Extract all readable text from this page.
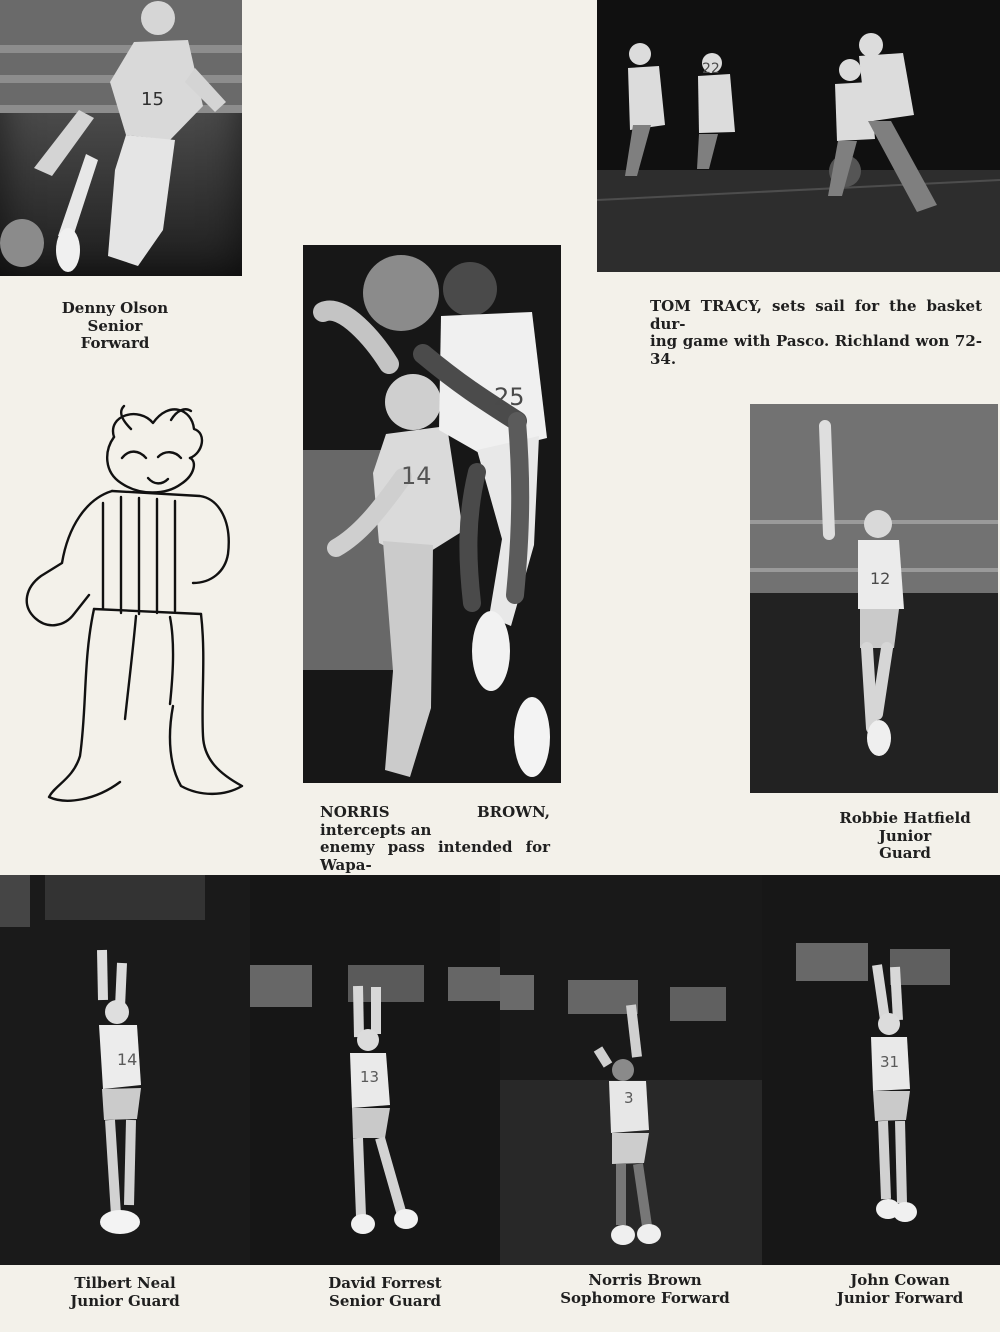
15
Denny Olson
Senior
Forward
22
TOM TRACY, sets sail for the basket dur-
ing game with Pasco. Richland won 72-34.
25
14
NORRIS BROWN, intercepts an
enemy pass intended for Wapa-
12
Robbie Hatfield
Junior
Guard
14
13
3
31
Tilbert Neal
Junior Guard
David Forrest
Senior Guard
Norris Brown
Sophomore Forward
John Cowan
Junior Forward
